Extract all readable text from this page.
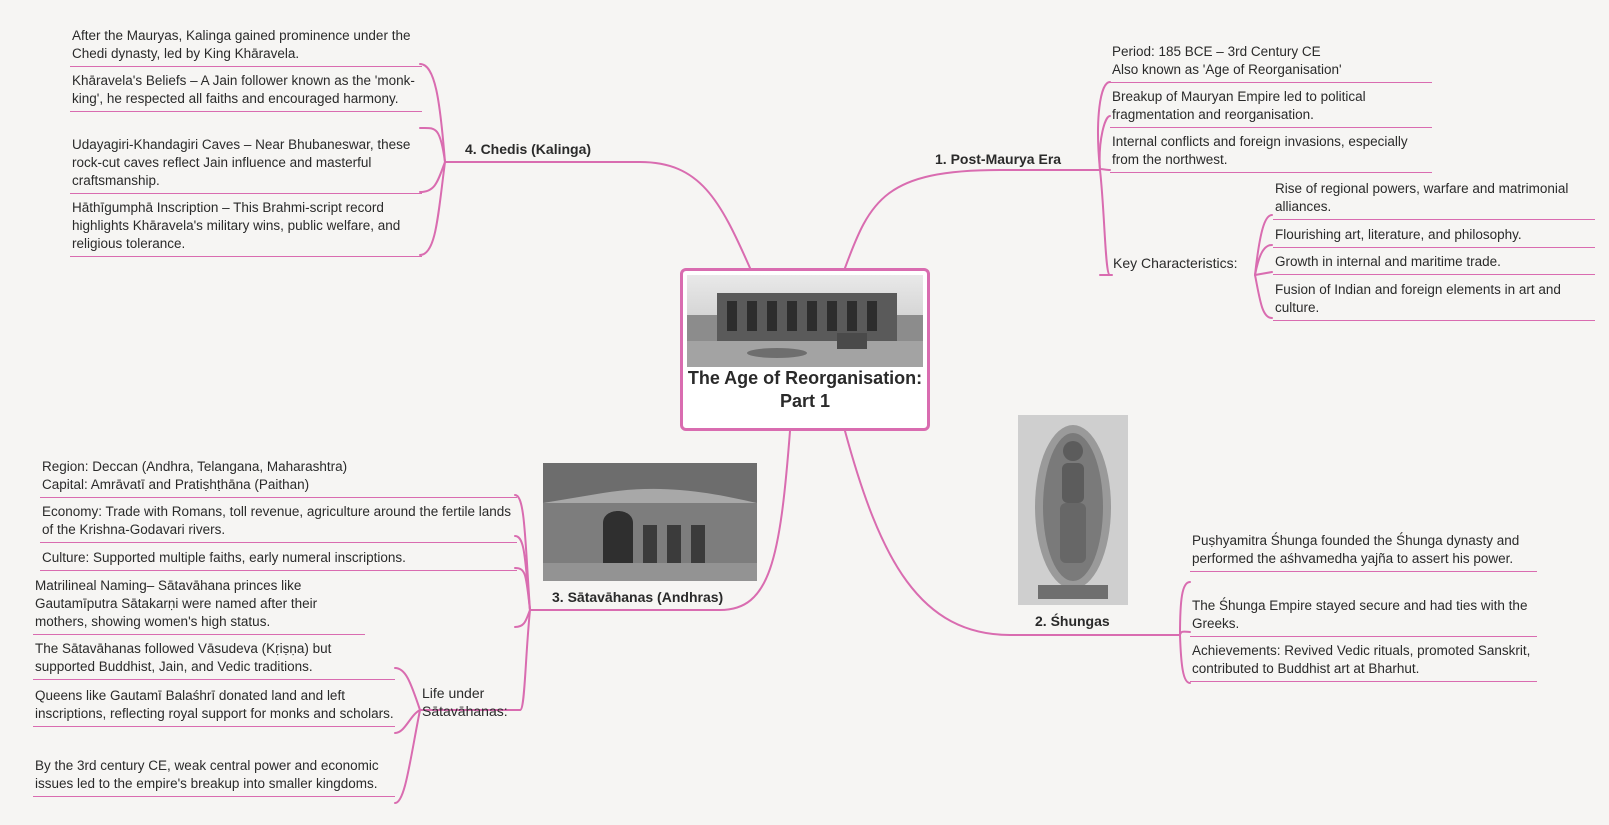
The Age of Reorganisation: Part 1
1. Post-Maurya Era
Period: 185 BCE – 3rd Century CE
Also known as 'Age of Reorganisation'
Breakup of Mauryan Empire led to political fragmentation and reorganisation.
Internal conflicts and foreign invasions, especially from the northwest.
Key Characteristics:
Rise of regional powers, warfare and matrimonial alliances.
Flourishing art, literature, and philosophy.
Growth in internal and maritime trade.
Fusion of Indian and foreign elements in art and culture.
4. Chedis (Kalinga)
After the Mauryas, Kalinga gained prominence under the Chedi dynasty, led by King Khāravela.
Khāravela's Beliefs – A Jain follower known as the 'monk-king', he respected all faiths and encouraged harmony.
Udayagiri-Khandagiri Caves – Near Bhubaneswar, these rock-cut caves reflect Jain influence and masterful craftsmanship.
Hāthīgumphā Inscription – This Brahmi-script record highlights Khāravela's military wins, public welfare, and religious tolerance.
2. Śhungas
Puṣhyamitra Śhunga founded the Śhunga dynasty and performed the aśhvamedha yajña to assert his power.
The Śhunga Empire stayed secure and had ties with the Greeks.
Achievements: Revived Vedic rituals, promoted Sanskrit, contributed to Buddhist art at Bharhut.
3. Sātavāhanas (Andhras)
Region: Deccan (Andhra, Telangana, Maharashtra)
Capital: Amrāvatī and Pratiṣhṭhāna (Paithan)
Economy: Trade with Romans, toll revenue, agriculture around the fertile lands of the Krishna-Godavari rivers.
Culture: Supported multiple faiths, early numeral inscriptions.
Matrilineal Naming– Sātavāhana princes like Gautamīputra Sātakarṇi were named after their mothers, showing women's high status.
Life under Sātavāhanas:
The Sātavāhanas followed Vāsudeva (Kṛiṣṇa) but supported Buddhist, Jain, and Vedic traditions.
Queens like Gautamī Balaśhrī donated land and left inscriptions, reflecting royal support for monks and scholars.
By the 3rd century CE, weak central power and economic issues led to the empire's breakup into smaller kingdoms.
